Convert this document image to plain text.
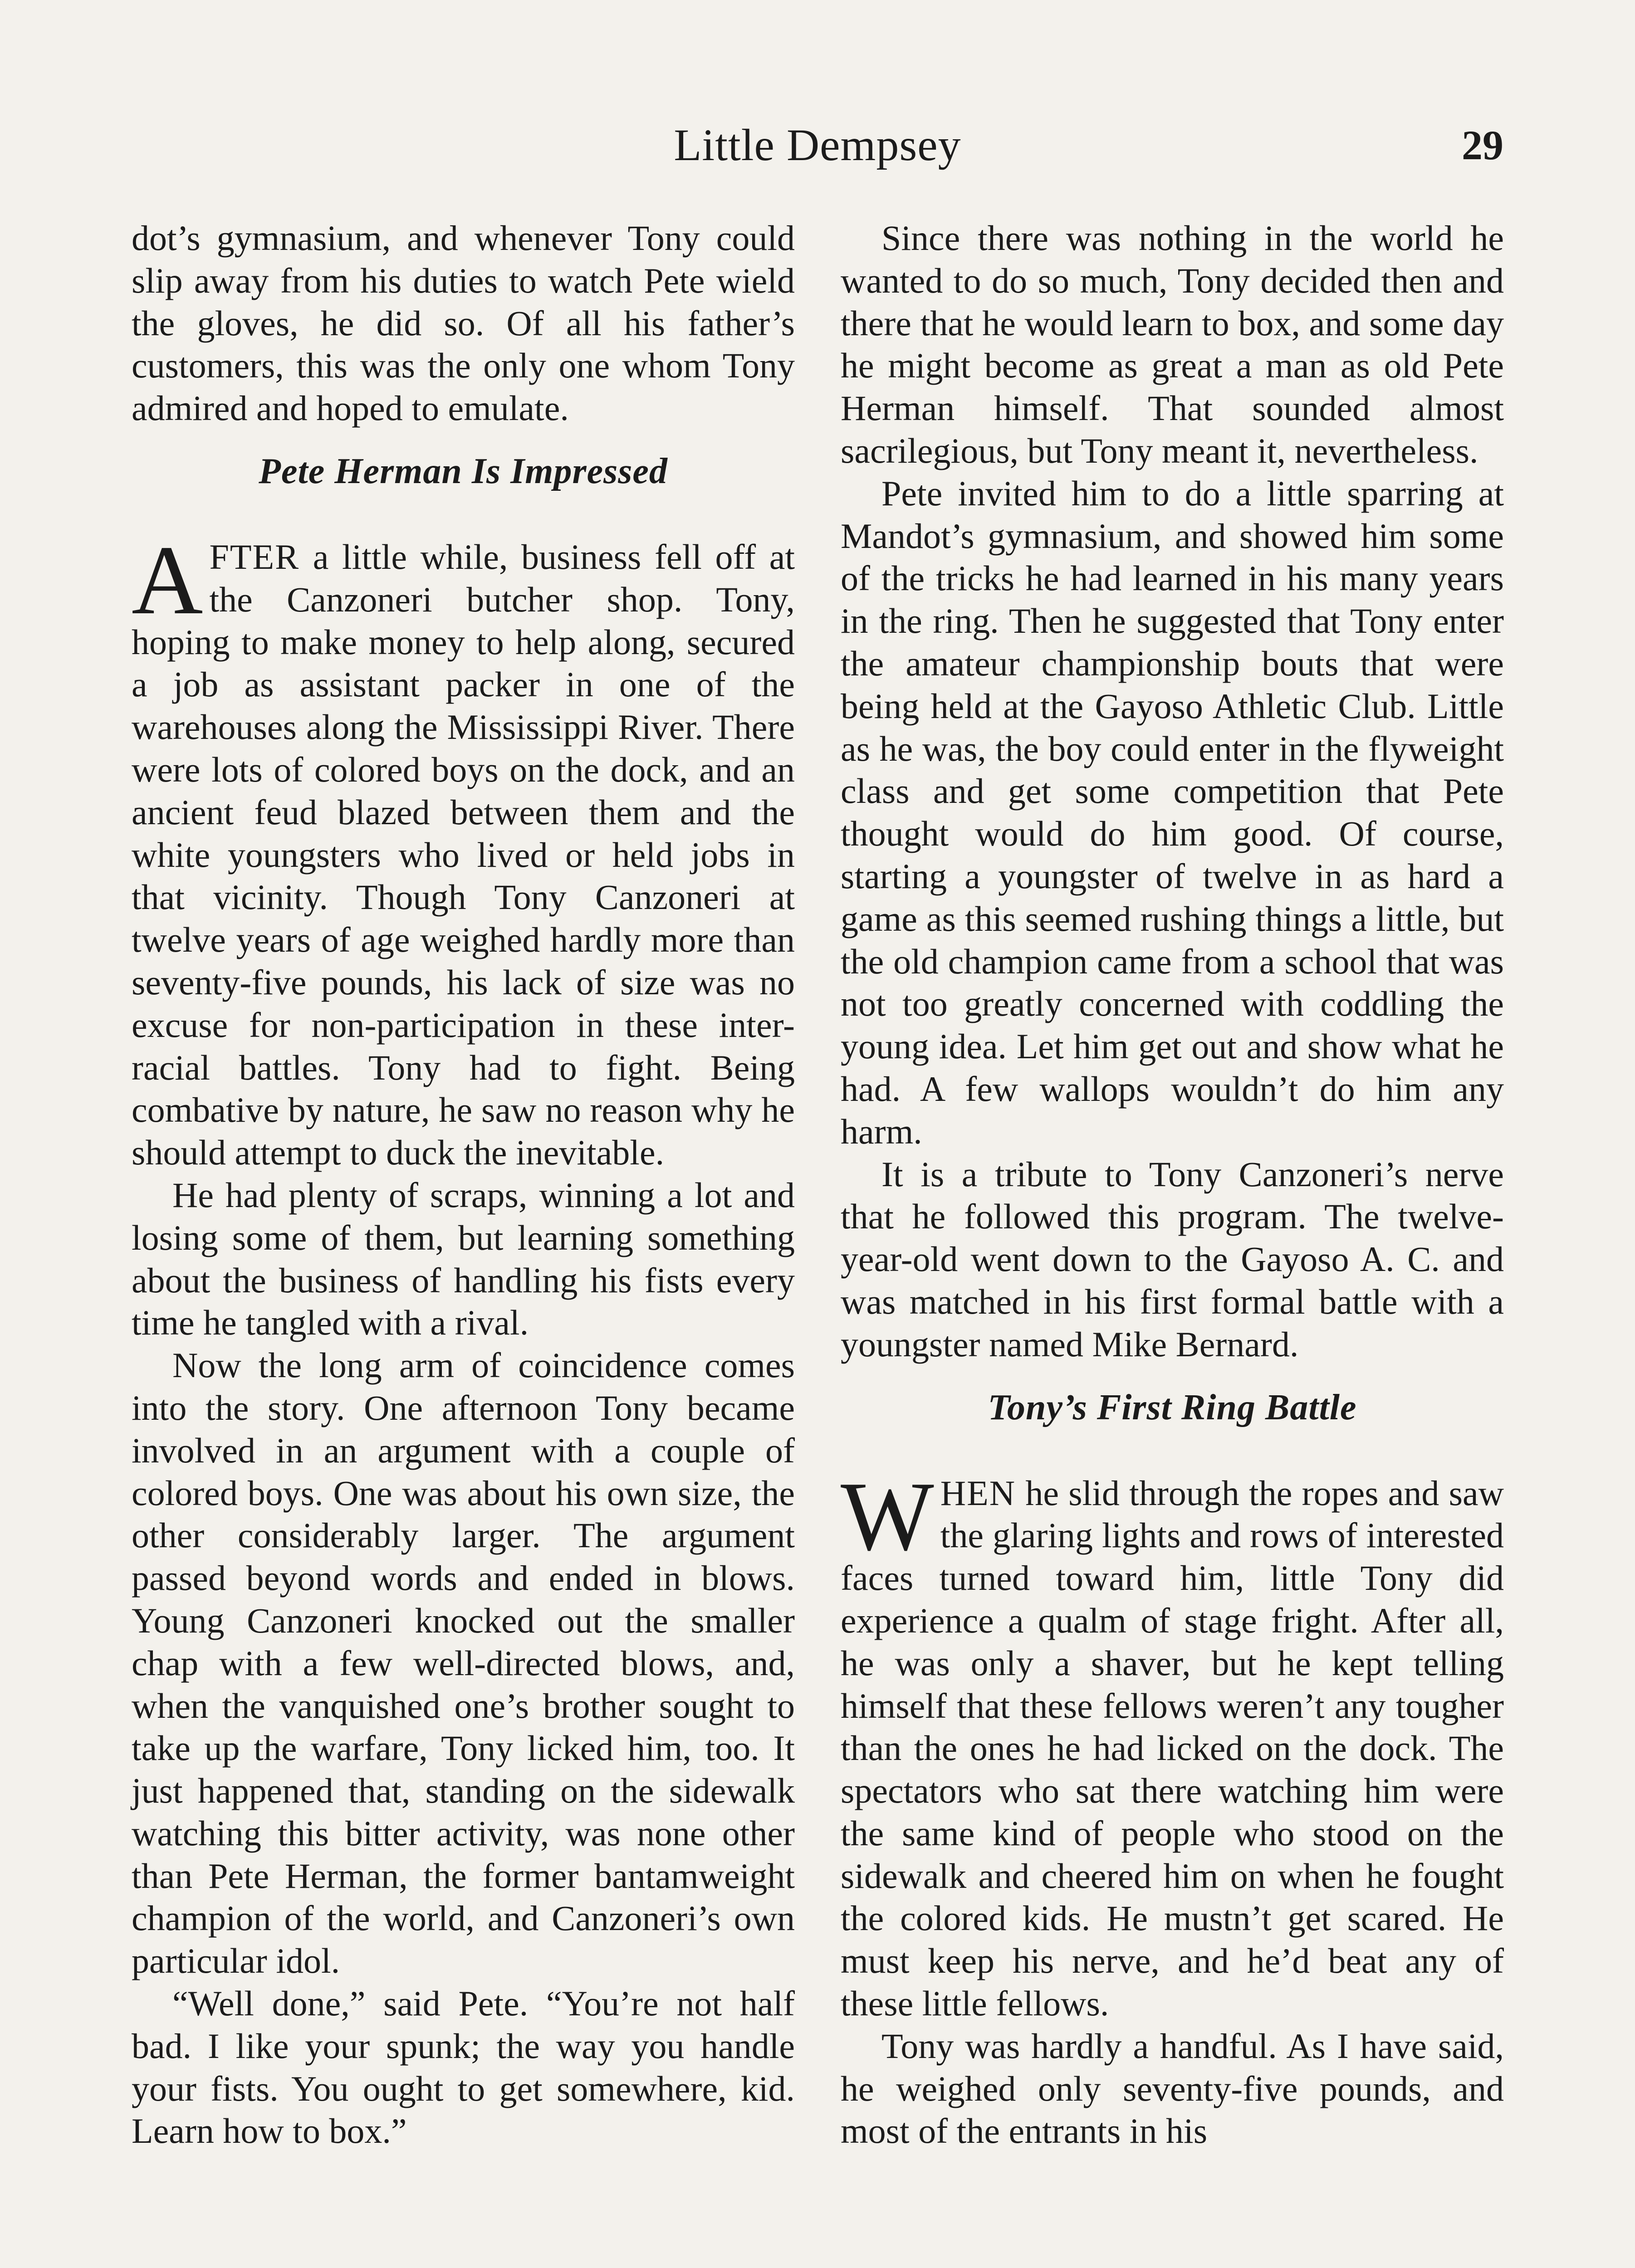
Little Dempsey	29

dot’s gymnasium, and whenever Tony could slip away from his duties to watch Pete wield the gloves, he did so. Of all his father’s customers, this was the only one whom Tony admired and hoped to emulate.

Pete Herman Is Impressed

AFTER a little while, business fell off at the Canzoneri butcher shop. Tony, hoping to make money to help along, secured a job as assistant packer in one of the warehouses along the Mississippi River. There were lots of colored boys on the dock, and an ancient feud blazed between them and the white youngsters who lived or held jobs in that vicinity. Though Tony Canzoneri at twelve years of age weighed hardly more than seventy-five pounds, his lack of size was no excuse for non-participation in these inter-racial battles. Tony had to fight. Being combative by nature, he saw no reason why he should attempt to duck the inevitable.

He had plenty of scraps, winning a lot and losing some of them, but learning something about the business of handling his fists every time he tangled with a rival.

Now the long arm of coincidence comes into the story. One afternoon Tony became involved in an argument with a couple of colored boys. One was about his own size, the other considerably larger. The argument passed beyond words and ended in blows. Young Canzoneri knocked out the smaller chap with a few well-directed blows, and, when the vanquished one’s brother sought to take up the warfare, Tony licked him, too. It just happened that, standing on the sidewalk watching this bitter activity, was none other than Pete Herman, the former bantamweight champion of the world, and Canzoneri’s own particular idol.

“Well done,” said Pete. “You’re not half bad. I like your spunk; the way you handle your fists. You ought to get somewhere, kid. Learn how to box.”

Since there was nothing in the world he wanted to do so much, Tony decided then and there that he would learn to box, and some day he might become as great a man as old Pete Herman himself. That sounded almost sacrilegious, but Tony meant it, nevertheless.

Pete invited him to do a little sparring at Mandot’s gymnasium, and showed him some of the tricks he had learned in his many years in the ring. Then he suggested that Tony enter the amateur championship bouts that were being held at the Gayoso Athletic Club. Little as he was, the boy could enter in the flyweight class and get some competition that Pete thought would do him good. Of course, starting a youngster of twelve in as hard a game as this seemed rushing things a little, but the old champion came from a school that was not too greatly concerned with coddling the young idea. Let him get out and show what he had. A few wallops wouldn’t do him any harm.

It is a tribute to Tony Canzoneri’s nerve that he followed this program. The twelve-year-old went down to the Gayoso A. C. and was matched in his first formal battle with a youngster named Mike Bernard.

Tony’s First Ring Battle

WHEN he slid through the ropes and saw the glaring lights and rows of interested faces turned toward him, little Tony did experience a qualm of stage fright. After all, he was only a shaver, but he kept telling himself that these fellows weren’t any tougher than the ones he had licked on the dock. The spectators who sat there watching him were the same kind of people who stood on the sidewalk and cheered him on when he fought the colored kids. He mustn’t get scared. He must keep his nerve, and he’d beat any of these little fellows.

Tony was hardly a handful. As I have said, he weighed only seventy-five pounds, and most of the entrants in his
